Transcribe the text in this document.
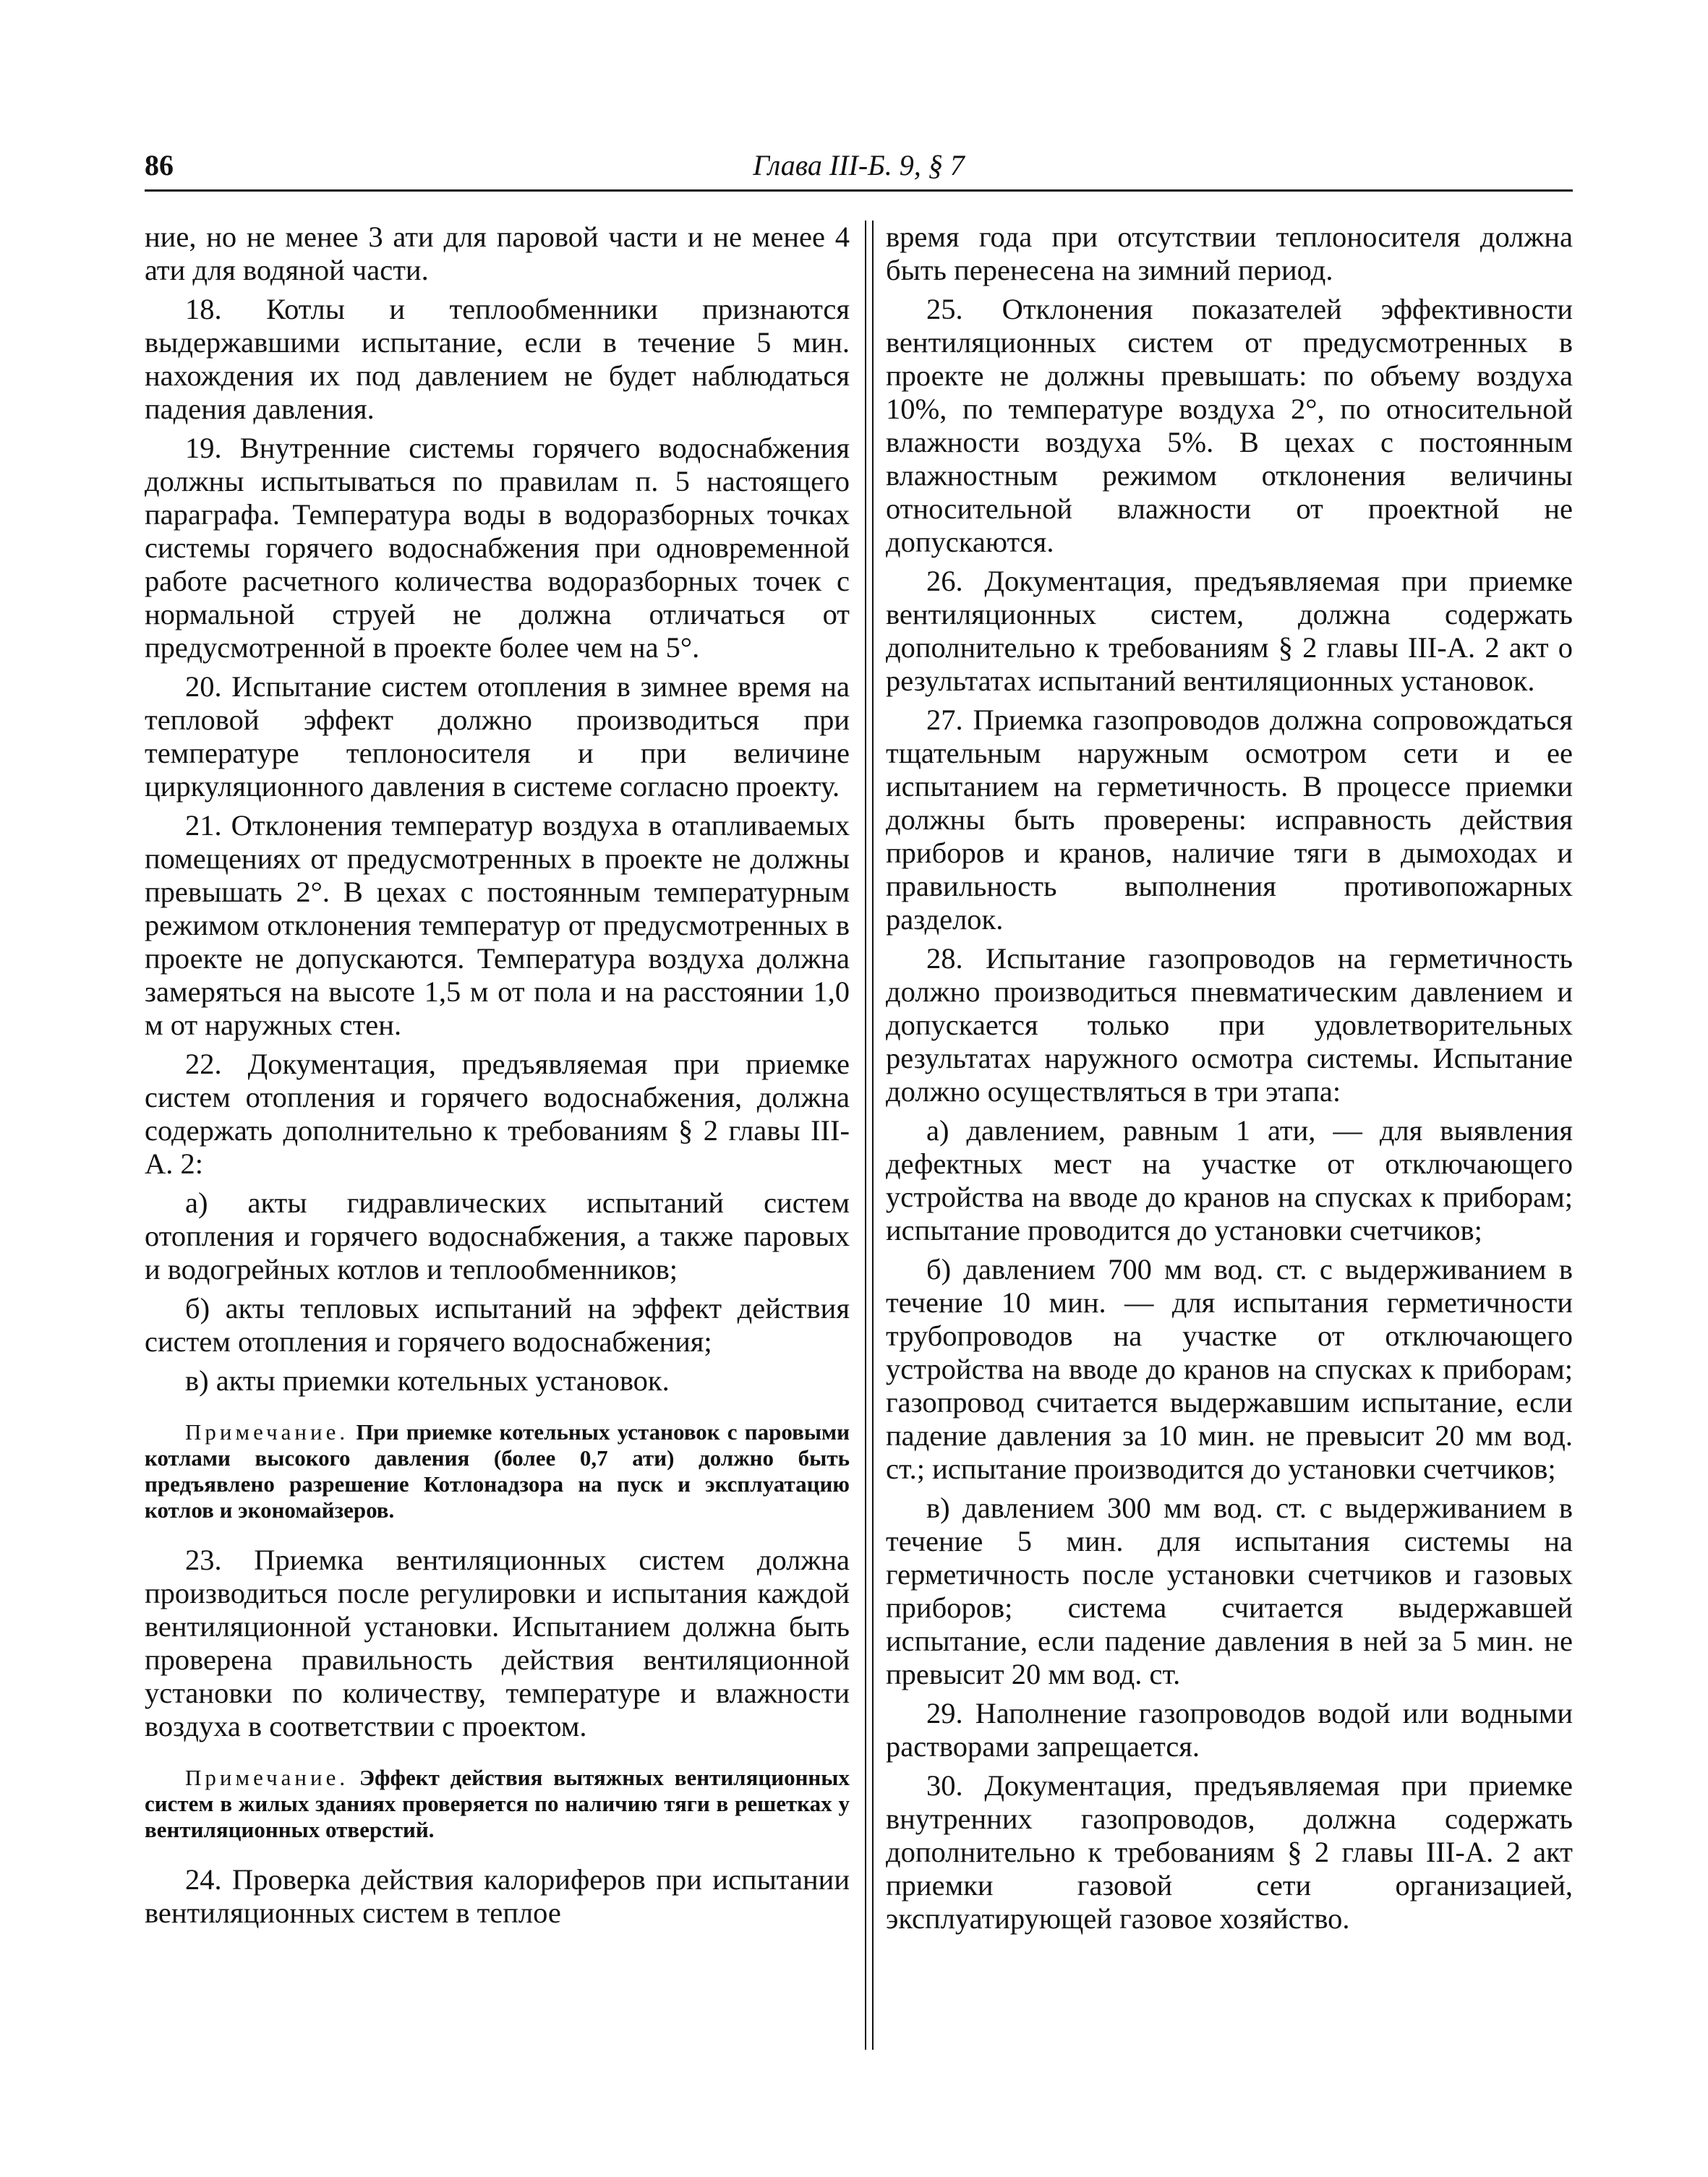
86	Глава III-Б. 9, § 7

ние, но не менее 3 ати для паровой части и не менее 4 ати для водяной части.

18. Котлы и теплообменники признаются выдержавшими испытание, если в течение 5 мин. нахождения их под давлением не будет наблюдаться падения давления.

19. Внутренние системы горячего водоснабжения должны испытываться по правилам п. 5 настоящего параграфа. Температура воды в водоразборных точках системы горячего водоснабжения при одновременной работе расчетного количества водоразборных точек с нормальной струей не должна отличаться от предусмотренной в проекте более чем на 5°.

20. Испытание систем отопления в зимнее время на тепловой эффект должно производиться при температуре теплоносителя и при величине циркуляционного давления в системе согласно проекту.

21. Отклонения температур воздуха в отапливаемых помещениях от предусмотренных в проекте не должны превышать 2°. В цехах с постоянным температурным режимом отклонения температур от предусмотренных в проекте не допускаются. Температура воздуха должна замеряться на высоте 1,5 м от пола и на расстоянии 1,0 м от наружных стен.

22. Документация, предъявляемая при приемке систем отопления и горячего водоснабжения, должна содержать дополнительно к требованиям § 2 главы III-А. 2:

а) акты гидравлических испытаний систем отопления и горячего водоснабжения, а также паровых и водогрейных котлов и теплообменников;

б) акты тепловых испытаний на эффект действия систем отопления и горячего водоснабжения;

в) акты приемки котельных установок.

Примечание. При приемке котельных установок с паровыми котлами высокого давления (более 0,7 ати) должно быть предъявлено разрешение Котлонадзора на пуск и эксплуатацию котлов и экономайзеров.

23. Приемка вентиляционных систем должна производиться после регулировки и испытания каждой вентиляционной установки. Испытанием должна быть проверена правильность действия вентиляционной установки по количеству, температуре и влажности воздуха в соответствии с проектом.

Примечание. Эффект действия вытяжных вентиляционных систем в жилых зданиях проверяется по наличию тяги в решетках у вентиляционных отверстий.

24. Проверка действия калориферов при испытании вентиляционных систем в теплое

время года при отсутствии теплоносителя должна быть перенесена на зимний период.

25. Отклонения показателей эффективности вентиляционных систем от предусмотренных в проекте не должны превышать: по объему воздуха 10%, по температуре воздуха 2°, по относительной влажности воздуха 5%. В цехах с постоянным влажностным режимом отклонения величины относительной влажности от проектной не допускаются.

26. Документация, предъявляемая при приемке вентиляционных систем, должна содержать дополнительно к требованиям § 2 главы III-А. 2 акт о результатах испытаний вентиляционных установок.

27. Приемка газопроводов должна сопровождаться тщательным наружным осмотром сети и ее испытанием на герметичность. В процессе приемки должны быть проверены: исправность действия приборов и кранов, наличие тяги в дымоходах и правильность выполнения противопожарных разделок.

28. Испытание газопроводов на герметичность должно производиться пневматическим давлением и допускается только при удовлетворительных результатах наружного осмотра системы. Испытание должно осуществляться в три этапа:

а) давлением, равным 1 ати, — для выявления дефектных мест на участке от отключающего устройства на вводе до кранов на спусках к приборам; испытание проводится до установки счетчиков;

б) давлением 700 мм вод. ст. с выдерживанием в течение 10 мин. — для испытания герметичности трубопроводов на участке от отключающего устройства на вводе до кранов на спусках к приборам; газопровод считается выдержавшим испытание, если падение давления за 10 мин. не превысит 20 мм вод. ст.; испытание производится до установки счетчиков;

в) давлением 300 мм вод. ст. с выдерживанием в течение 5 мин. для испытания системы на герметичность после установки счетчиков и газовых приборов; система считается выдержавшей испытание, если падение давления в ней за 5 мин. не превысит 20 мм вод. ст.

29. Наполнение газопроводов водой или водными растворами запрещается.

30. Документация, предъявляемая при приемке внутренних газопроводов, должна содержать дополнительно к требованиям § 2 главы III-А. 2 акт приемки газовой сети организацией, эксплуатирующей газовое хозяйство.
